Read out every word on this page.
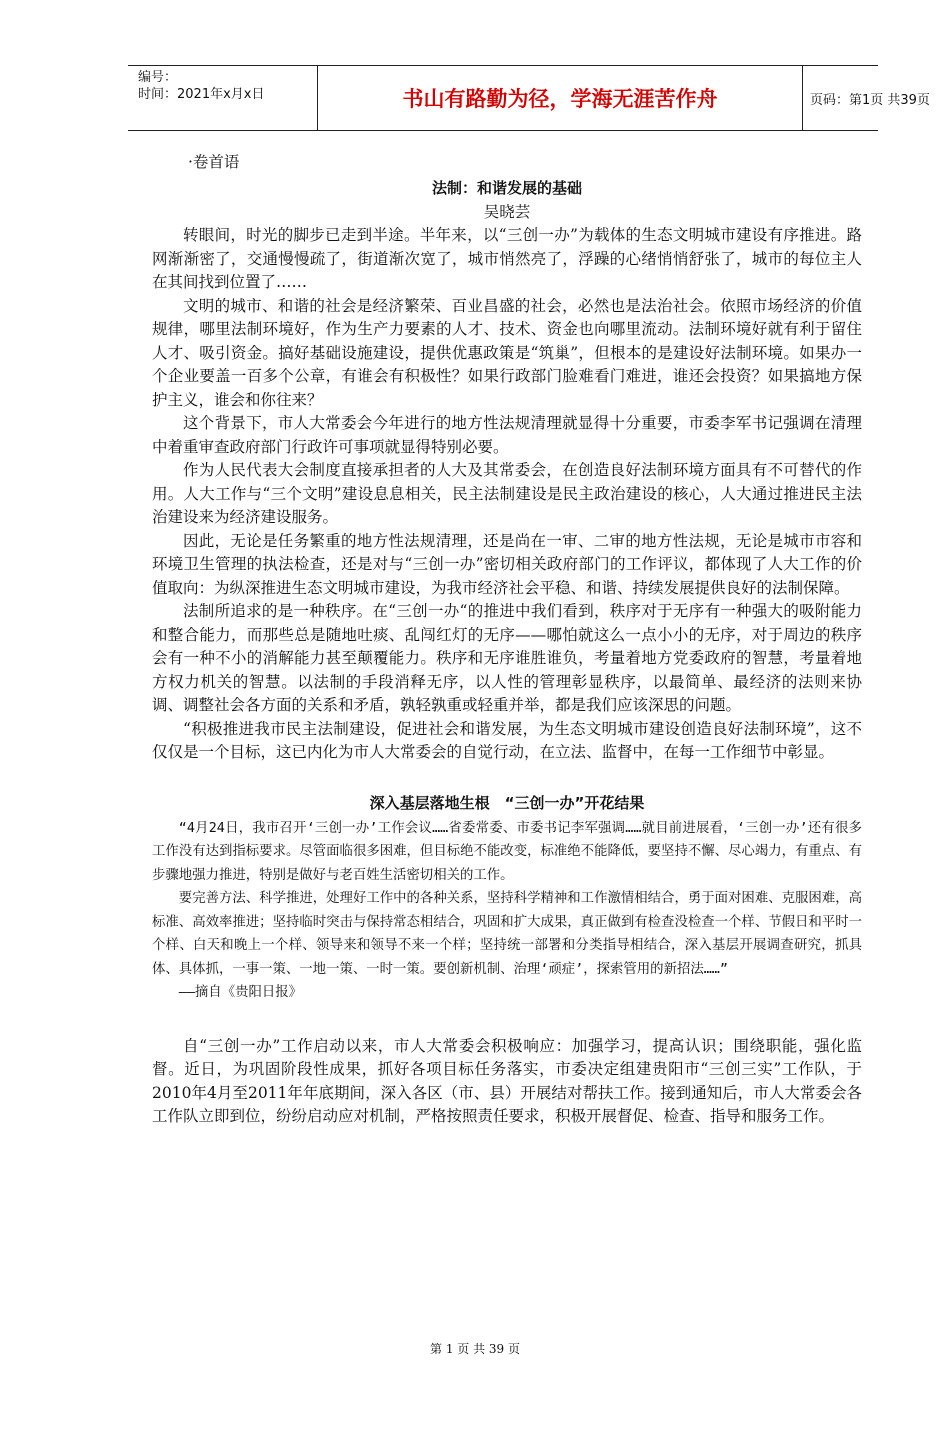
编号：
时间：2021年x月x日	书山有路勤为径，学海无涯苦作舟	页码：第1页 共39页

·卷首语

法制：和谐发展的基础

吴晓芸

转眼间，时光的脚步已走到半途。半年来，以“三创一办”为载体的生态文明城市建设有序推进。路网渐渐密了，交通慢慢疏了，街道渐次宽了，城市悄然亮了，浮躁的心绪悄悄舒张了，城市的每位主人在其间找到位置了……

文明的城市、和谐的社会是经济繁荣、百业昌盛的社会，必然也是法治社会。依照市场经济的价值规律，哪里法制环境好，作为生产力要素的人才、技术、资金也向哪里流动。法制环境好就有利于留住人才、吸引资金。搞好基础设施建设，提供优惠政策是“筑巢”，但根本的是建设好法制环境。如果办一个企业要盖一百多个公章，有谁会有积极性？如果行政部门脸难看门难进，谁还会投资？如果搞地方保护主义，谁会和你往来？

这个背景下，市人大常委会今年进行的地方性法规清理就显得十分重要，市委李军书记强调在清理中着重审查政府部门行政许可事项就显得特别必要。

作为人民代表大会制度直接承担者的人大及其常委会，在创造良好法制环境方面具有不可替代的作用。人大工作与“三个文明”建设息息相关，民主法制建设是民主政治建设的核心，人大通过推进民主法治建设来为经济建设服务。

因此，无论是任务繁重的地方性法规清理，还是尚在一审、二审的地方性法规，无论是城市市容和环境卫生管理的执法检查，还是对与“三创一办”密切相关政府部门的工作评议，都体现了人大工作的价值取向：为纵深推进生态文明城市建设，为我市经济社会平稳、和谐、持续发展提供良好的法制保障。

法制所追求的是一种秩序。在“三创一办“的推进中我们看到，秩序对于无序有一种强大的吸附能力和整合能力，而那些总是随地吐痰、乱闯红灯的无序——哪怕就这么一点小小的无序，对于周边的秩序会有一种不小的消解能力甚至颠覆能力。秩序和无序谁胜谁负，考量着地方党委政府的智慧，考量着地方权力机关的智慧。以法制的手段消释无序，以人性的管理彰显秩序，以最简单、最经济的法则来协调、调整社会各方面的关系和矛盾，孰轻孰重或轻重并举，都是我们应该深思的问题。

“积极推进我市民主法制建设，促进社会和谐发展，为生态文明城市建设创造良好法制环境”，这不仅仅是一个目标，这已内化为市人大常委会的自觉行动，在立法、监督中，在每一工作细节中彰显。

深入基层落地生根　“三创一办”开花结果

“4月24日，我市召开‘三创一办’工作会议……省委常委、市委书记李军强调……就目前进展看，‘三创一办’还有很多工作没有达到指标要求。尽管面临很多困难，但目标绝不能改变，标准绝不能降低，要坚持不懈、尽心竭力，有重点、有步骤地强力推进，特别是做好与老百姓生活密切相关的工作。

要完善方法、科学推进，处理好工作中的各种关系，坚持科学精神和工作激情相结合，勇于面对困难、克服困难，高标准、高效率推进；坚持临时突击与保持常态相结合，巩固和扩大成果，真正做到有检查没检查一个样、节假日和平时一个样、白天和晚上一个样、领导来和领导不来一个样；坚持统一部署和分类指导相结合，深入基层开展调查研究，抓具体、具体抓，一事一策、一地一策、一时一策。要创新机制、治理‘顽症’，探索管用的新招法……”

——摘自《贵阳日报》

自“三创一办”工作启动以来，市人大常委会积极响应：加强学习，提高认识；围绕职能，强化监督。近日，为巩固阶段性成果，抓好各项目标任务落实，市委决定组建贵阳市“三创三实”工作队，于2010年4月至2011年年底期间，深入各区（市、县）开展结对帮扶工作。接到通知后，市人大常委会各工作队立即到位，纷纷启动应对机制，严格按照责任要求，积极开展督促、检查、指导和服务工作。

第 1 页 共 39 页
